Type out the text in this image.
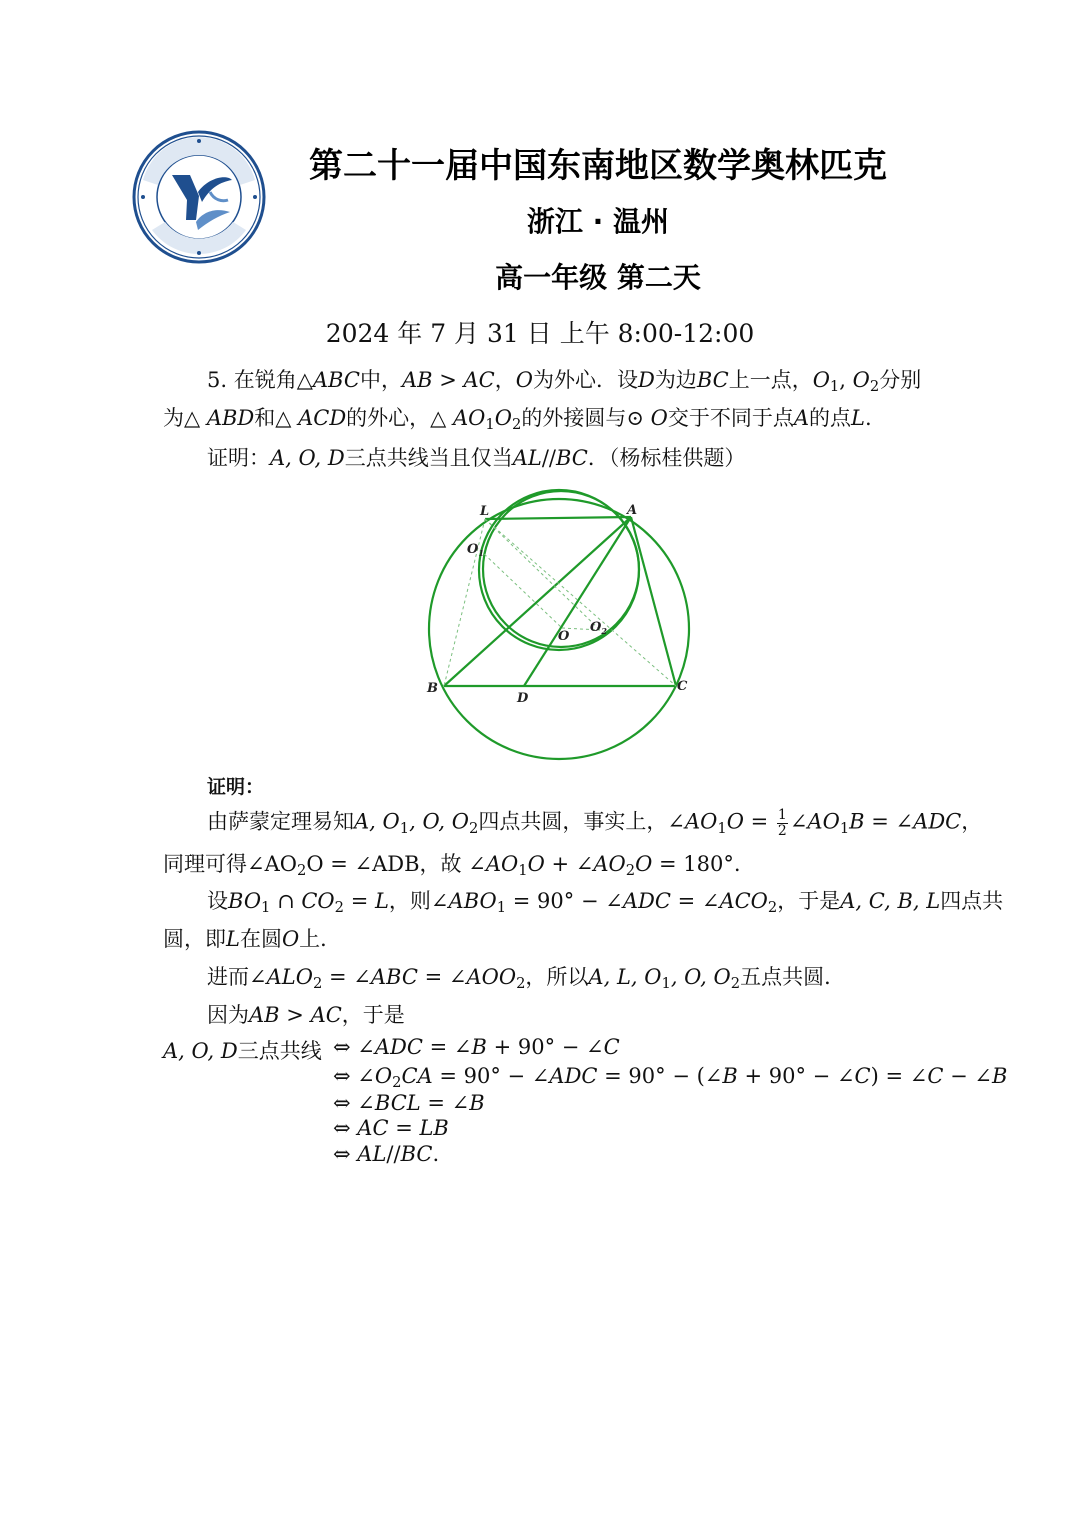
第二十一届中国东南地区数学奥林匹克
浙江 · 温州
高一年级 第二天
2024 年 7 月 31 日 上午 8:00-12:00
5. 在锐角△ABC中，AB > AC，O为外心．设D为边BC上一点，$O_1$, $O_2$分别
为△ ABD和△ ACD的外心，△ $AO_1O_2$的外接圆与⊙ O交于不同于点A的点L.
证明：A, O, D三点共线当且仅当AL//BC．（杨标桂供题）
L	A
$O_1$
O
$O_2$
B	C
D
证明：
由萨蒙定理易知A, $O_1$, O, $O_2$四点共圆，事实上，$\angle AO_1O = \frac{1}{2}$ $\angle AO_1B$ = ∠ADC，
同理可得$\angle AO_2O$ = ∠ADB，故 $\angle AO_1O$ + $\angle AO_2O = 180^\circ$.
设$BO_1$ ∩ $CO_2 = L$，则$\angle ABO_1 = 90^\circ$ − ∠ADC = $\angle ACO_2$，于是A, C, B, L四点共
圆，即L在圆O上．
进而$\angle ALO_2$ = ∠ABC = $\angle AOO_2$，所以A, L, $O_1$, O, $O_2$五点共圆．
因为AB > AC，于是
A, O, D三点共线 ⇔ ∠ADC = ∠B + 90° − ∠C
⇔ $\angle O_2CA = 90^\circ$ − ∠ADC = 90° − (∠B + 90° − ∠C) = ∠C − ∠B
⇔ ∠BCL = ∠B
⇔ AC = LB
⇔ AL//BC.
